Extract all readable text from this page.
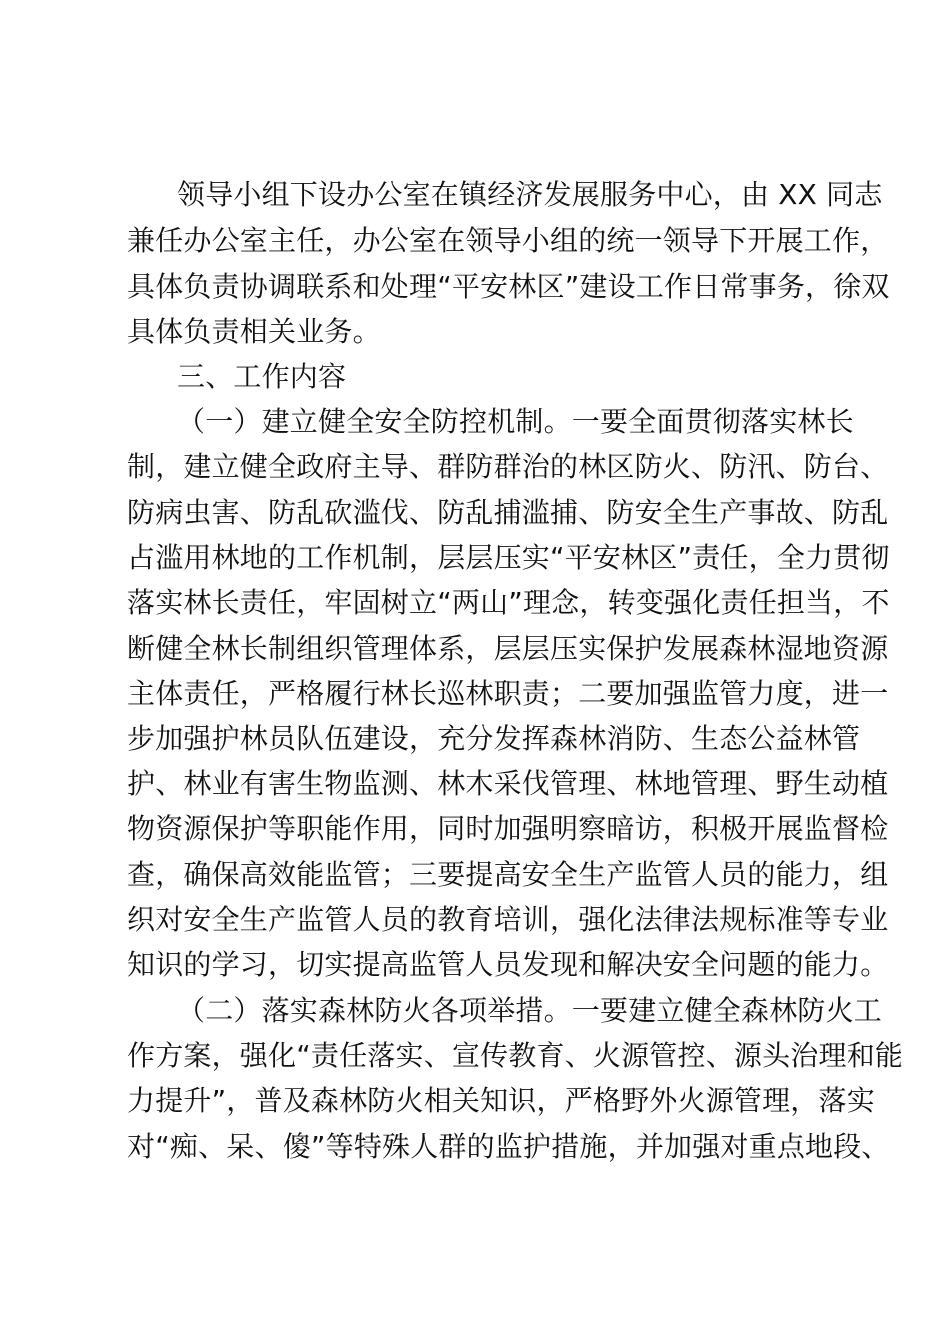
领导小组下设办公室在镇经济发展服务中心，由 XX 同志
兼任办公室主任，办公室在领导小组的统一领导下开展工作，
具体负责协调联系和处理“平安林区”建设工作日常事务，徐双
具体负责相关业务。
三、工作内容
（一）建立健全安全防控机制。一要全面贯彻落实林长
制，建立健全政府主导、群防群治的林区防火、防汛、防台、
防病虫害、防乱砍滥伐、防乱捕滥捕、防安全生产事故、防乱
占滥用林地的工作机制，层层压实“平安林区”责任，全力贯彻
落实林长责任，牢固树立“两山”理念，转变强化责任担当，不
断健全林长制组织管理体系，层层压实保护发展森林湿地资源
主体责任，严格履行林长巡林职责；二要加强监管力度，进一
步加强护林员队伍建设，充分发挥森林消防、生态公益林管
护、林业有害生物监测、林木采伐管理、林地管理、野生动植
物资源保护等职能作用，同时加强明察暗访，积极开展监督检
查，确保高效能监管；三要提高安全生产监管人员的能力，组
织对安全生产监管人员的教育培训，强化法律法规标准等专业
知识的学习，切实提高监管人员发现和解决安全问题的能力。
（二）落实森林防火各项举措。一要建立健全森林防火工
作方案，强化“责任落实、宣传教育、火源管控、源头治理和能
力提升”，普及森林防火相关知识，严格野外火源管理，落实
对“痴、呆、傻”等特殊人群的监护措施，并加强对重点地段、
